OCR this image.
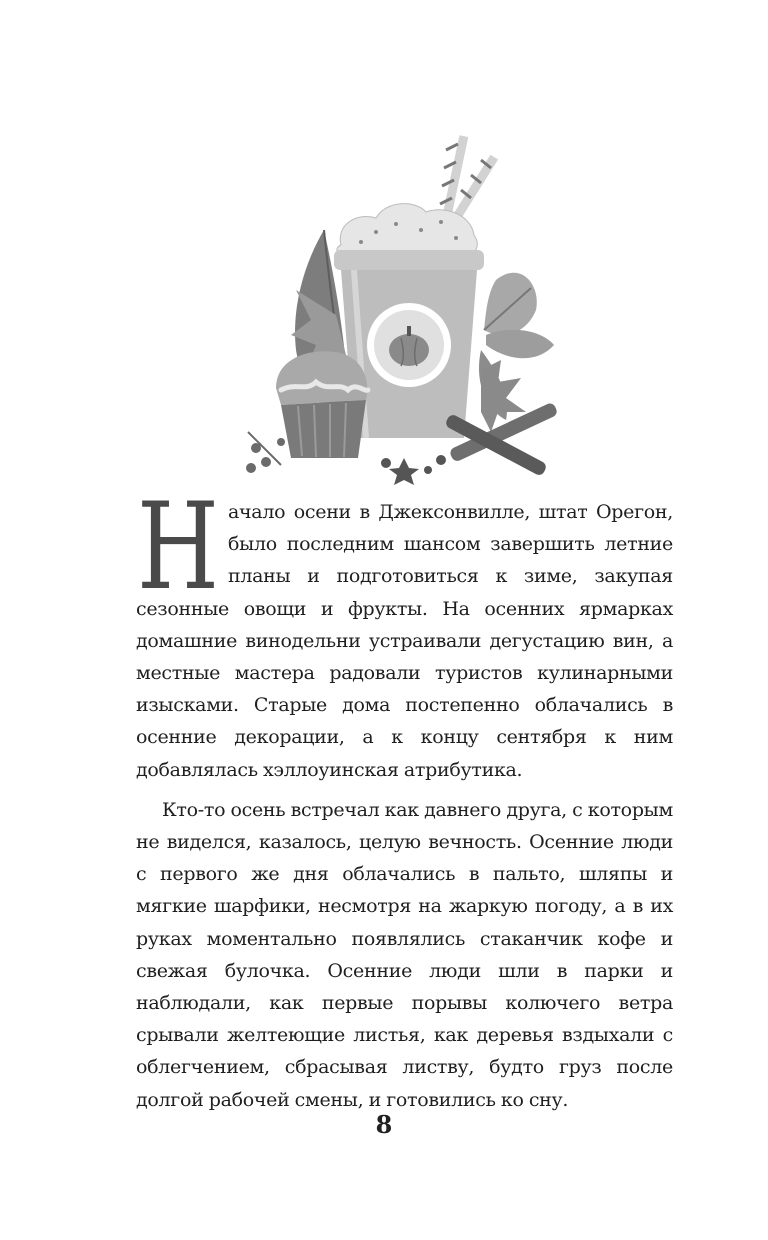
Н ачало осени в Джексонвилле, штат Орегон, было последним шансом завершить летние планы и подготовиться к зиме, закупая сезонные овощи и фрукты. На осенних ярмарках домашние винодельни устраивали дегустацию вин, а местные мастера радовали туристов кулинарными изысками. Старые дома постепенно облачались в осенние декорации, а к концу сентября к ним добавлялась хэллоуинская атрибутика.

Кто-то осень встречал как давнего друга, с которым не виделся, казалось, целую вечность. Осенние люди с первого же дня облачались в пальто, шляпы и мягкие шарфики, несмотря на жаркую погоду, а в их руках моментально появлялись стаканчик кофе и свежая булочка. Осенние люди шли в парки и наблюдали, как первые порывы колючего ветра срывали желтеющие листья, как деревья вздыхали с облегчением, сбрасывая листву, будто груз после долгой рабочей смены, и готовились ко сну.

8
